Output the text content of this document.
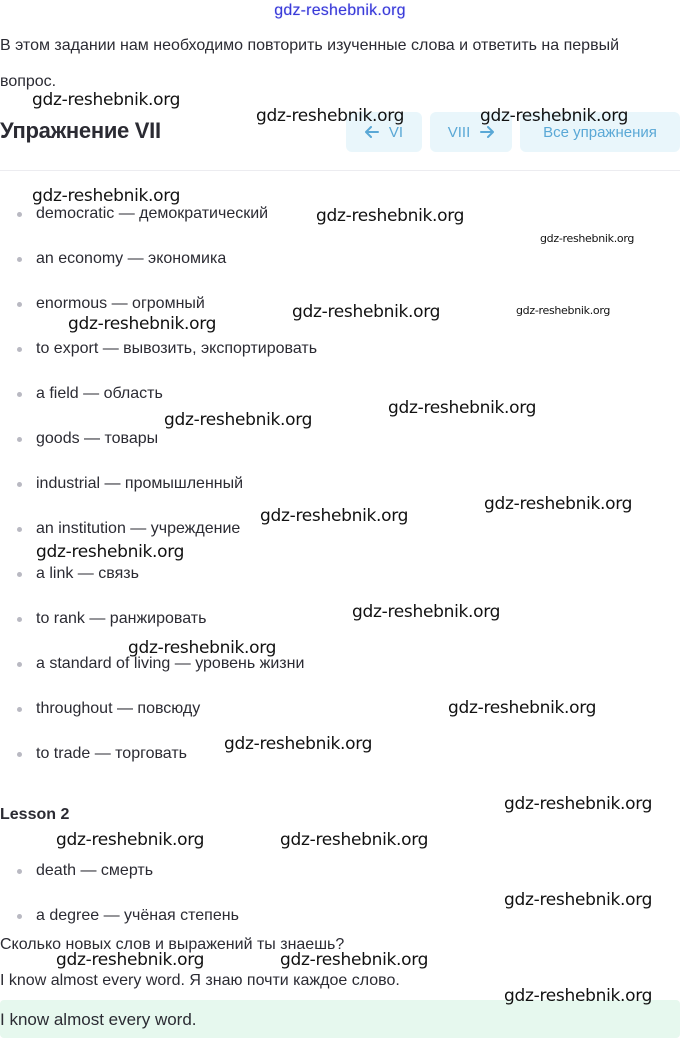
gdz-reshebnik.org
В этом задании нам необходимо повторить изученные слова и ответить на первый вопрос.
Упражнение VII	VI	VIII	Все упражнения
democratic — демократический
an economy — экономика
enormous — огромный
to export — вывозить, экспортировать
a field — область
goods — товары
industrial — промышленный
an institution — учреждение
a link — связь
to rank — ранжировать
a standard of living — уровень жизни
throughout — повсюду
to trade — торговать
death — смерть
a degree — учёная степень
Lesson 2
Сколько новых слов и выражений ты знаешь?
I know almost every word. Я знаю почти каждое слово.
I know almost every word.
gdz-reshebnik.org
gdz-reshebnik.org	gdz-reshebnik.org
gdz-reshebnik.org
gdz-reshebnik.org
gdz-reshebnik.org
gdz-reshebnik.org	gdz-reshebnik.org
gdz-reshebnik.org
gdz-reshebnik.org
gdz-reshebnik.org
gdz-reshebnik.org
gdz-reshebnik.org
gdz-reshebnik.org
gdz-reshebnik.org
gdz-reshebnik.org
gdz-reshebnik.org
gdz-reshebnik.org
gdz-reshebnik.org
gdz-reshebnik.org	gdz-reshebnik.org
gdz-reshebnik.org
gdz-reshebnik.org	gdz-reshebnik.org
gdz-reshebnik.org
